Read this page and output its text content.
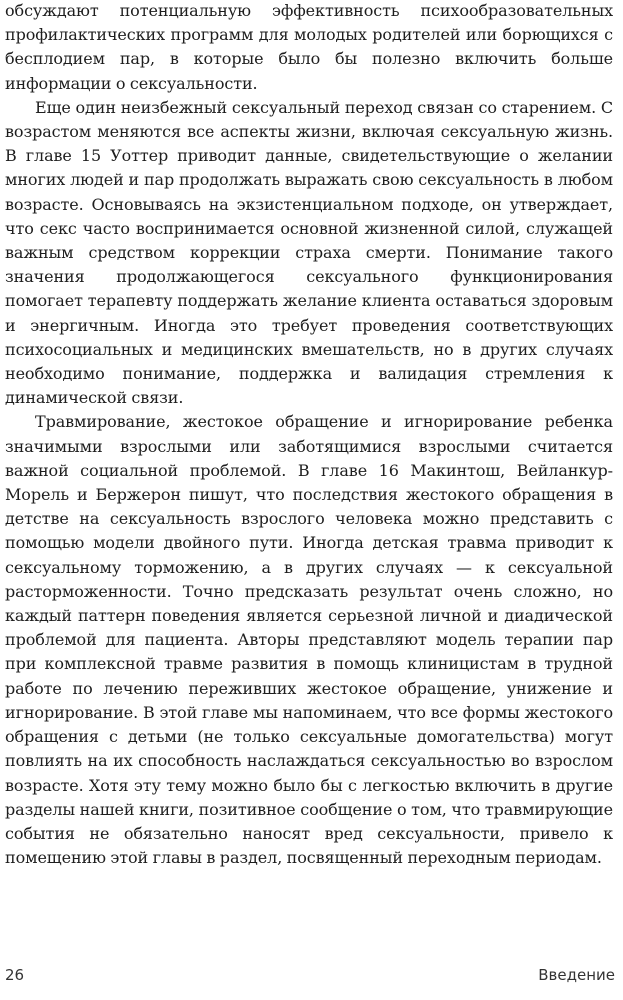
обсуждают потенциальную эффективность психообразовательных профилактических программ для молодых родителей или борющихся с бесплодием пар, в которые было бы полезно включить больше информации о сексуальности.

Еще один неизбежный сексуальный переход связан со старением. С возрастом меняются все аспекты жизни, включая сексуальную жизнь. В главе 15 Уоттер приводит данные, свидетельствующие о желании многих людей и пар продолжать выражать свою сексуальность в любом возрасте. Основываясь на экзистенциальном подходе, он утверждает, что секс часто воспринимается основной жизненной силой, служащей важным средством коррекции страха смерти. Понимание такого значения продолжающегося сексуального функционирования помогает терапевту поддержать желание клиента оставаться здоровым и энергичным. Иногда это требует проведения соответствующих психосоциальных и медицинских вмешательств, но в других случаях необходимо понимание, поддержка и валидация стремления к динамической связи.

Травмирование, жестокое обращение и игнорирование ребенка значимыми взрослыми или заботящимися взрослыми считается важной социальной проблемой. В главе 16 Макинтош, Вейланкур-Морель и Бержерон пишут, что последствия жестокого обращения в детстве на сексуальность взрослого человека можно представить с помощью модели двойного пути. Иногда детская травма приводит к сексуальному торможению, а в других случаях — к сексуальной расторможенности. Точно предсказать результат очень сложно, но каждый паттерн поведения является серьезной личной и диадической проблемой для пациента. Авторы представляют модель терапии пар при комплексной травме развития в помощь клиницистам в трудной работе по лечению переживших жестокое обращение, унижение и игнорирование. В этой главе мы напоминаем, что все формы жестокого обращения с детьми (не только сексуальные домогательства) могут повлиять на их способность наслаждаться сексуальностью во взрослом возрасте. Хотя эту тему можно было бы с легкостью включить в другие разделы нашей книги, позитивное сообщение о том, что травмирующие события не обязательно наносят вред сексуальности, привело к помещению этой главы в раздел, посвященный переходным периодам.

26	Введение
